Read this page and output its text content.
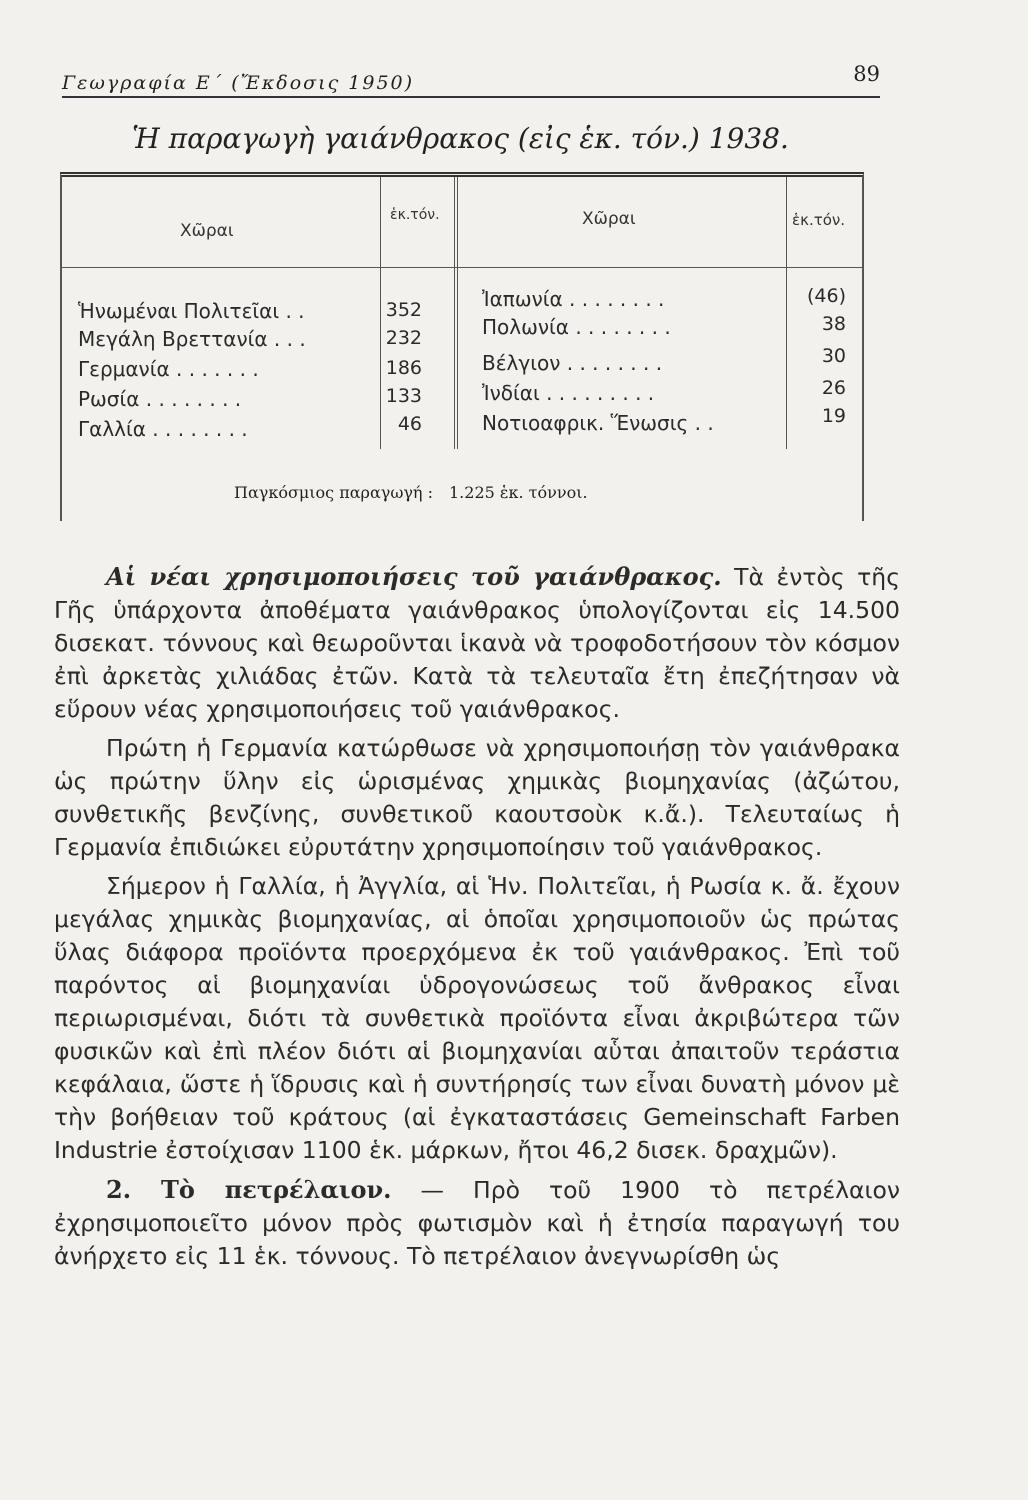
Γεωγραφία Ε΄ (Ἔκδοσις 1950)	89
Ἡ παραγωγὴ γαιάνθρακος (εἰς ἑκ. τόν.) 1938.
Χῶραι
ἑκ.τόν.	Χῶραι	ἑκ.τόν.
Ἡνωμέναι Πολιτεῖαι . .	352
Μεγάλη Βρεττανία . . .	232
Γερμανία . . . . . . .	186
Ρωσία . . . . . . . .	133
Γαλλία . . . . . . . .	46
Ἰαπωνία . . . . . . . .	(46)
Πολωνία . . . . . . . .	38
Βέλγιον . . . . . . . .	30
Ἰνδίαι . . . . . . . . .	26
Νοτιοαφρικ. Ἕνωσις . .	19
Παγκόσμιος παραγωγή : 1.225 ἑκ. τόννοι.

Αἱ νέαι χρησιμοποιήσεις τοῦ γαιάνθρακος. Τὰ ἐντὸς τῆς Γῆς ὑπάρχοντα ἀποθέματα γαιάνθρακος ὑπολογίζονται εἰς 14.500 δισεκατ. τόννους καὶ θεωροῦνται ἱκανὰ νὰ τροφοδοτήσουν τὸν κόσμον ἐπὶ ἀρκετὰς χιλιάδας ἐτῶν. Κατὰ τὰ τελευταῖα ἔτη ἐπεζήτησαν νὰ εὕρουν νέας χρησιμοποιήσεις τοῦ γαιάνθρακος.

Πρώτη ἡ Γερμανία κατώρθωσε νὰ χρησιμοποιήσῃ τὸν γαιάνθρακα ὡς πρώτην ὕλην εἰς ὡρισμένας χημικὰς βιομηχανίας (ἀζώτου, συνθετικῆς βενζίνης, συνθετικοῦ καουτσοὺκ κ.ἄ.). Τελευταίως ἡ Γερμανία ἐπιδιώκει εὐρυτάτην χρησιμοποίησιν τοῦ γαιάνθρακος.

Σήμερον ἡ Γαλλία, ἡ Ἀγγλία, αἱ Ἡν. Πολιτεῖαι, ἡ Ρωσία κ. ἄ. ἔχουν μεγάλας χημικὰς βιομηχανίας, αἱ ὁποῖαι χρησιμοποιοῦν ὡς πρώτας ὕλας διάφορα προϊόντα προερχόμενα ἐκ τοῦ γαιάνθρακος. Ἐπὶ τοῦ παρόντος αἱ βιομηχανίαι ὑδρογονώσεως τοῦ ἄνθρακος εἶναι περιωρισμέναι, διότι τὰ συνθετικὰ προϊόντα εἶναι ἀκριβώτερα τῶν φυσικῶν καὶ ἐπὶ πλέον διότι αἱ βιομηχανίαι αὗται ἀπαιτοῦν τεράστια κεφάλαια, ὥστε ἡ ἵδρυσις καὶ ἡ συντήρησίς των εἶναι δυνατὴ μόνον μὲ τὴν βοήθειαν τοῦ κράτους (αἱ ἐγκαταστάσεις Gemeinschaft Farben Industrie ἐστοίχισαν 1100 ἑκ. μάρκων, ἤτοι 46,2 δισεκ. δραχμῶν).

2. Τὸ πετρέλαιον. — Πρὸ τοῦ 1900 τὸ πετρέλαιον ἐχρησιμοποιεῖτο μόνον πρὸς φωτισμὸν καὶ ἡ ἐτησία παραγωγή του ἀνήρχετο εἰς 11 ἑκ. τόννους. Τὸ πετρέλαιον ἀνεγνωρίσθη ὡς
